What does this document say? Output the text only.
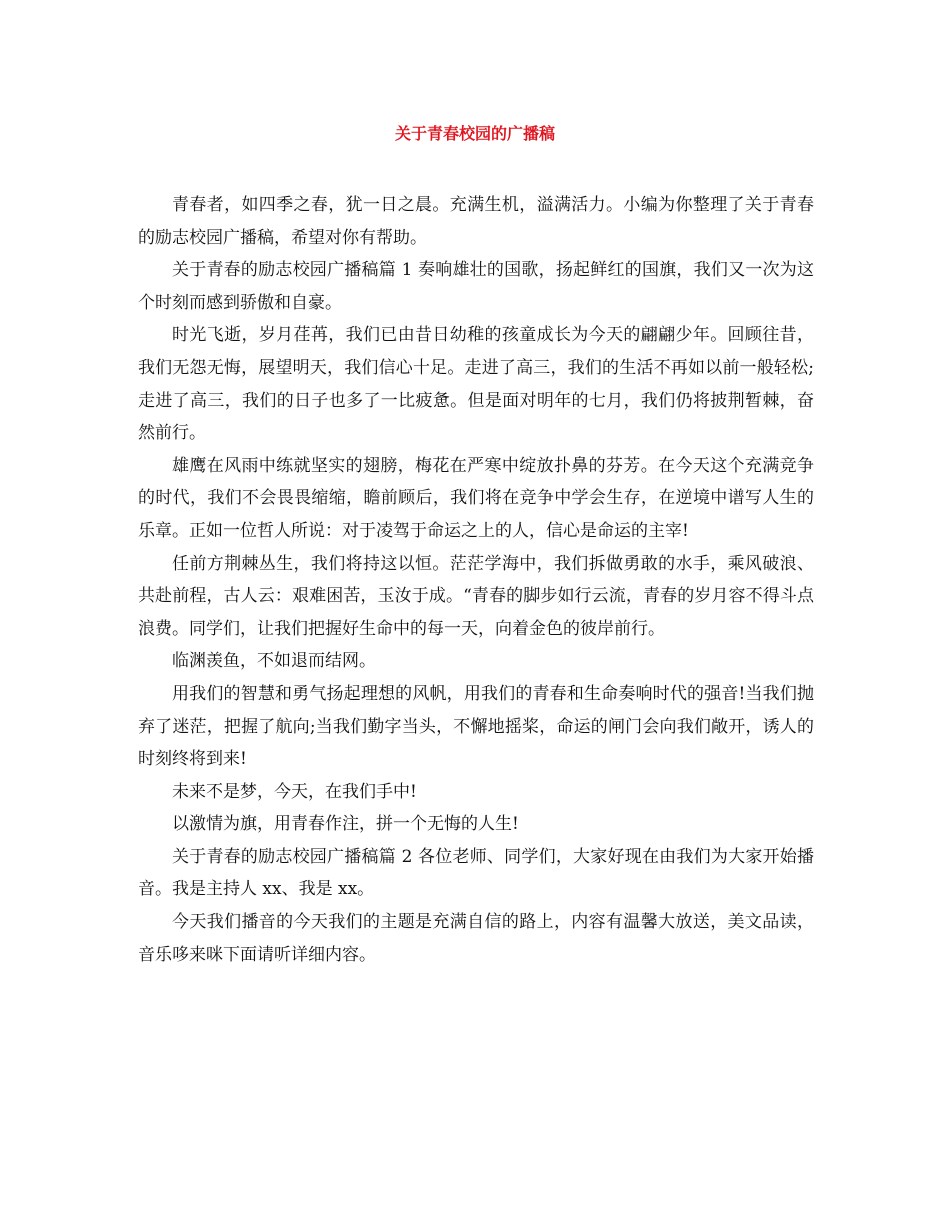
关于青春校园的广播稿

青春者，如四季之春，犹一日之晨。充满生机，溢满活力。小编为你整理了关于青春的励志校园广播稿，希望对你有帮助。

关于青春的励志校园广播稿篇 1 奏响雄壮的国歌，扬起鲜红的国旗，我们又一次为这个时刻而感到骄傲和自豪。

时光飞逝，岁月荏苒，我们已由昔日幼稚的孩童成长为今天的翩翩少年。回顾往昔，我们无怨无悔，展望明天，我们信心十足。走进了高三，我们的生活不再如以前一般轻松;走进了高三，我们的日子也多了一比疲惫。但是面对明年的七月，我们仍将披荆暂棘，奋然前行。

雄鹰在风雨中练就坚实的翅膀，梅花在严寒中绽放扑鼻的芬芳。在今天这个充满竞争的时代，我们不会畏畏缩缩，瞻前顾后，我们将在竞争中学会生存，在逆境中谱写人生的乐章。正如一位哲人所说：对于凌驾于命运之上的人，信心是命运的主宰!

任前方荆棘丛生，我们将持这以恒。茫茫学海中，我们拆做勇敢的水手，乘风破浪、共赴前程，古人云：艰难困苦，玉汝于成。“青春的脚步如行云流，青春的岁月容不得斗点浪费。同学们，让我们把握好生命中的每一天，向着金色的彼岸前行。

临渊羡鱼，不如退而结网。

用我们的智慧和勇气扬起理想的风帆，用我们的青春和生命奏响时代的强音!当我们抛弃了迷茫，把握了航向;当我们勤字当头，不懈地摇桨，命运的闸门会向我们敞开，诱人的时刻终将到来!

未来不是梦，今天，在我们手中!

以激情为旗，用青春作注，拼一个无悔的人生!

关于青春的励志校园广播稿篇 2 各位老师、同学们，大家好现在由我们为大家开始播音。我是主持人 xx、我是 xx。

今天我们播音的今天我们的主题是充满自信的路上，内容有温馨大放送，美文品读，音乐哆来咪下面请听详细内容。
